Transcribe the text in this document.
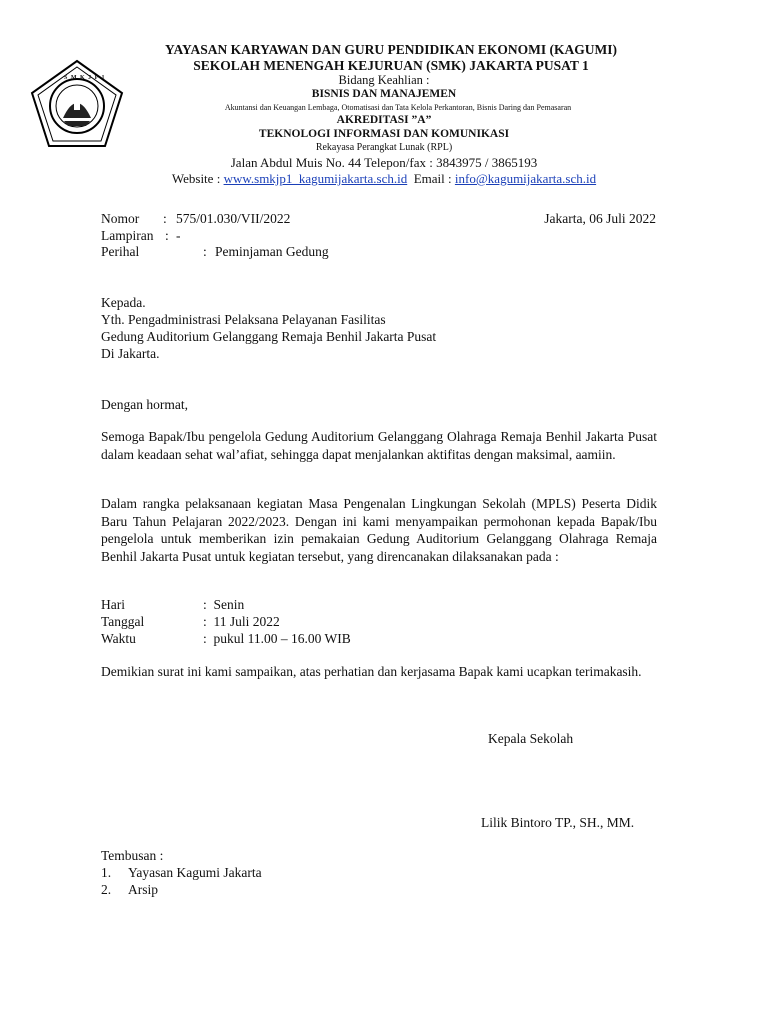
S M K J P 1
YAYASAN KARYAWAN DAN GURU PENDIDIKAN EKONOMI (KAGUMI)
SEKOLAH MENENGAH KEJURUAN (SMK) JAKARTA PUSAT 1
Bidang Keahlian :
BISNIS DAN MANAJEMEN
Akuntansi dan Keuangan Lembaga, Otomatisasi dan Tata Kelola Perkantoran, Bisnis Daring dan Pemasaran
AKREDITASI ”A”
TEKNOLOGI INFORMASI DAN KOMUNIKASI
Rekayasa Perangkat Lunak (RPL)
Jalan Abdul Muis No. 44 Telepon/fax : 3843975 / 3865193
Website : www.smkjp1_kagumijakarta.sch.id Email : info@kagumijakarta.sch.id
Nomor : 575/01.030/VII/2022	Jakarta, 06 Juli 2022
Lampiran : -
Perihal	: Peminjaman Gedung
Kepada.
Yth. Pengadministrasi Pelaksana Pelayanan Fasilitas
Gedung Auditorium Gelanggang Remaja Benhil Jakarta Pusat
Di Jakarta.
Dengan hormat,

Semoga Bapak/Ibu pengelola Gedung Auditorium Gelanggang Olahraga Remaja Benhil Jakarta Pusat dalam keadaan sehat wal’afiat, sehingga dapat menjalankan aktifitas dengan maksimal, aamiin.

Dalam rangka pelaksanaan kegiatan Masa Pengenalan Lingkungan Sekolah (MPLS) Peserta Didik Baru Tahun Pelajaran 2022/2023. Dengan ini kami menyampaikan permohonan kepada Bapak/Ibu pengelola untuk memberikan izin pemakaian Gedung Auditorium Gelanggang Olahraga Remaja Benhil Jakarta Pusat untuk kegiatan tersebut, yang direncanakan dilaksanakan pada :

Hari	:  Senin
Tanggal	:  11 Juli 2022
Waktu	:  pukul 11.00 – 16.00 WIB

Demikian surat ini kami sampaikan, atas perhatian dan kerjasama Bapak kami ucapkan terimakasih.

Kepala Sekolah
Lilik Bintoro TP., SH., MM.
Tembusan :
1. Yayasan Kagumi Jakarta
2. Arsip
